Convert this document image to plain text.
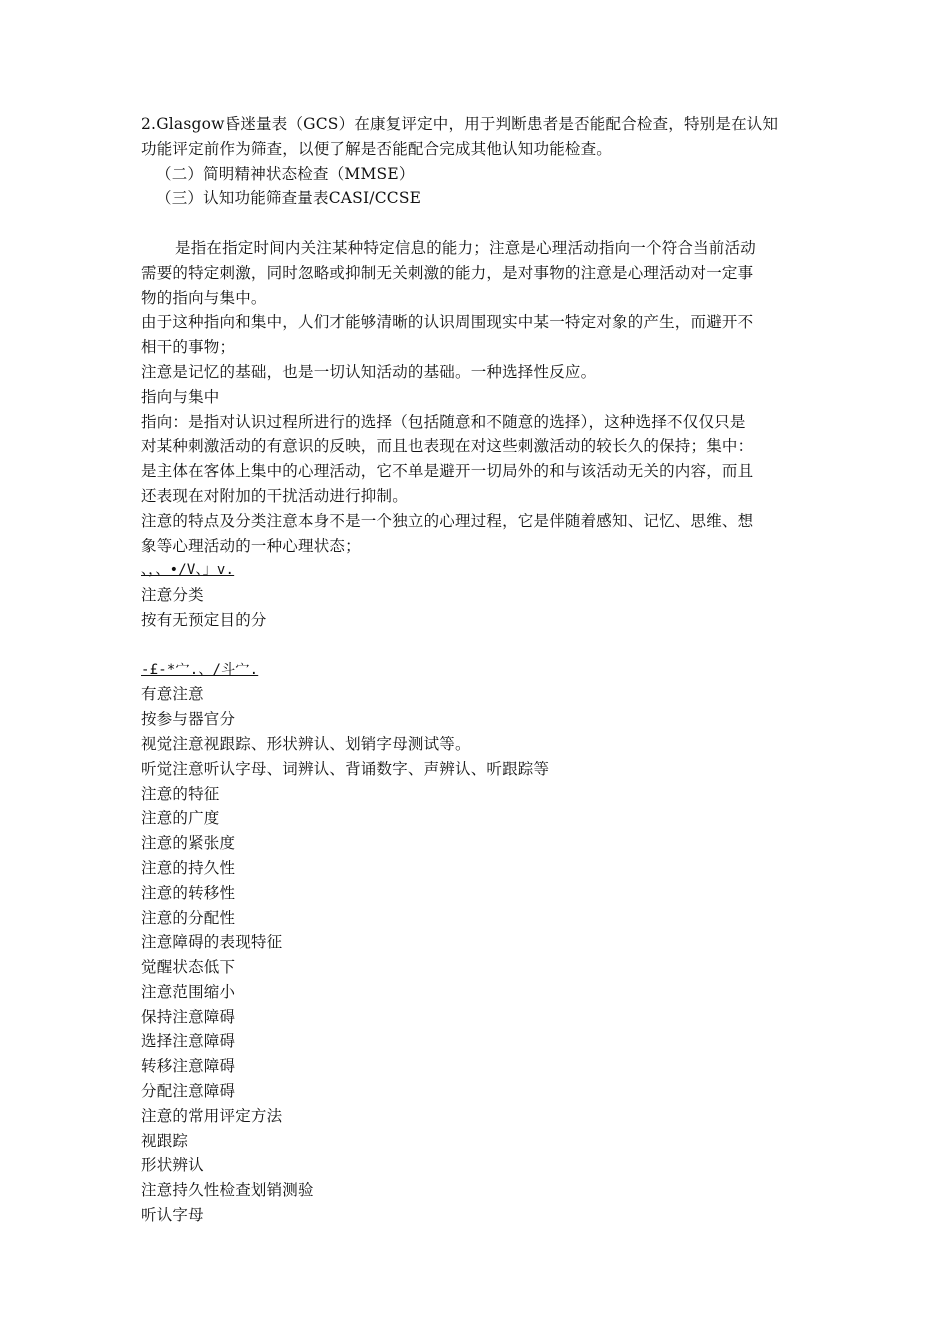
2.Glasgow昏迷量表（GCS）在康复评定中，用于判断患者是否能配合检查，特别是在认知
功能评定前作为筛查，以便了解是否能配合完成其他认知功能检查。
（二）简明精神状态检查（MMSE）
（三）认知功能筛查量表CASI/CCSE
是指在指定时间内关注某种特定信息的能力；注意是心理活动指向一个符合当前活动
需要的特定刺激，同时忽略或抑制无关刺激的能力，是对事物的注意是心理活动对一定事
物的指向与集中。
由于这种指向和集中，人们才能够清晰的认识周围现实中某一特定对象的产生，而避开不
相干的事物；
注意是记忆的基础，也是一切认知活动的基础。一种选择性反应。
指向与集中
指向：是指对认识过程所进行的选择（包括随意和不随意的选择），这种选择不仅仅只是
对某种刺激活动的有意识的反映，而且也表现在对这些刺激活动的较长久的保持；集中：
是主体在客体上集中的心理活动，它不单是避开一切局外的和与该活动无关的内容，而且
还表现在对附加的干扰活动进行抑制。
注意的特点及分类注意本身不是一个独立的心理过程，它是伴随着感知、记忆、思维、想
象等心理活动的一种心理状态；
、，、•/V、」v.
注意分类
按有无预定目的分
-£-*宀.、/斗宀.
有意注意
按参与器官分
视觉注意视跟踪、形状辨认、划销字母测试等。
听觉注意听认字母、词辨认、背诵数字、声辨认、听跟踪等
注意的特征
注意的广度
注意的紧张度
注意的持久性
注意的转移性
注意的分配性
注意障碍的表现特征
觉醒状态低下
注意范围缩小
保持注意障碍
选择注意障碍
转移注意障碍
分配注意障碍
注意的常用评定方法
视跟踪
形状辨认
注意持久性检查划销测验
听认字母
